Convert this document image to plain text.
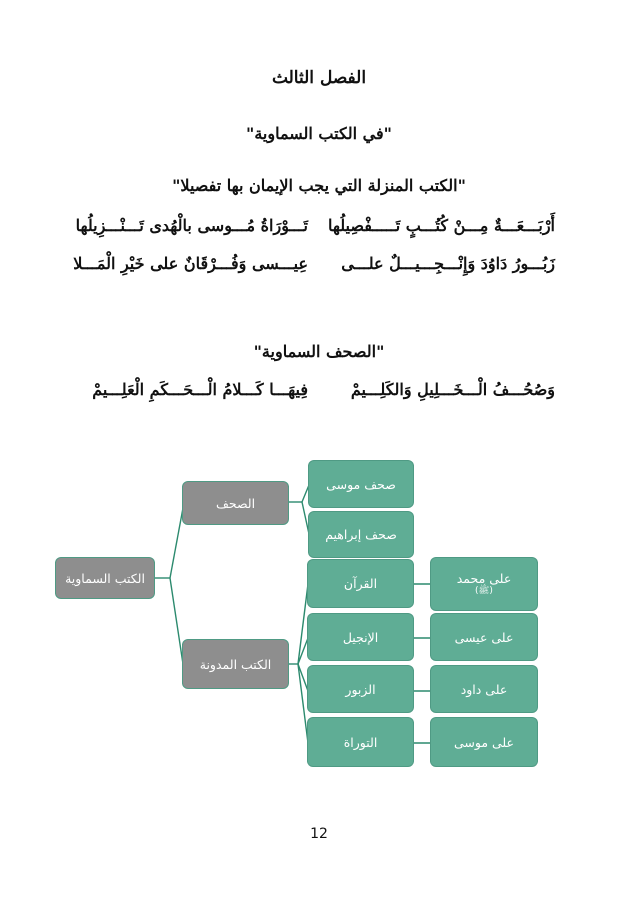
الفصل الثالث
"في الكتب السماوية"
"الكتب المنزلة التي يجب الإيمان بها تفصيلا"
أَرْبَـــعَـــةٌ مِـــنْ كُتُـــبٍ تَـــــفْصِيلُها
تَـــوْرَاةُ مُـــوسى بالْهُدى تَـــنْـــزِيلُها
زَبُـــورُ دَاوُدَ وَإِنْـــجِـــيـــلٌ علـــى
عِيـــسى وَفُـــرْقَانٌ على خَيْرِ الْمَـــلا
"الصحف السماوية"
وَصُحُـــفُ الْـــخَـــلِيلِ وَالكَلِـــيمْ
فِيهَـــا كَـــلامُ الْـــحَـــكَمِ الْعَلِـــيمْ
الكتب السماوية
الصحف
الكتب المدونة
صحف موسى
صحف إبراهيم
القرآن
الإنجيل
الزبور
التوراة
على محمد
(ﷺ)
على عيسى
على داود
على موسى
12
